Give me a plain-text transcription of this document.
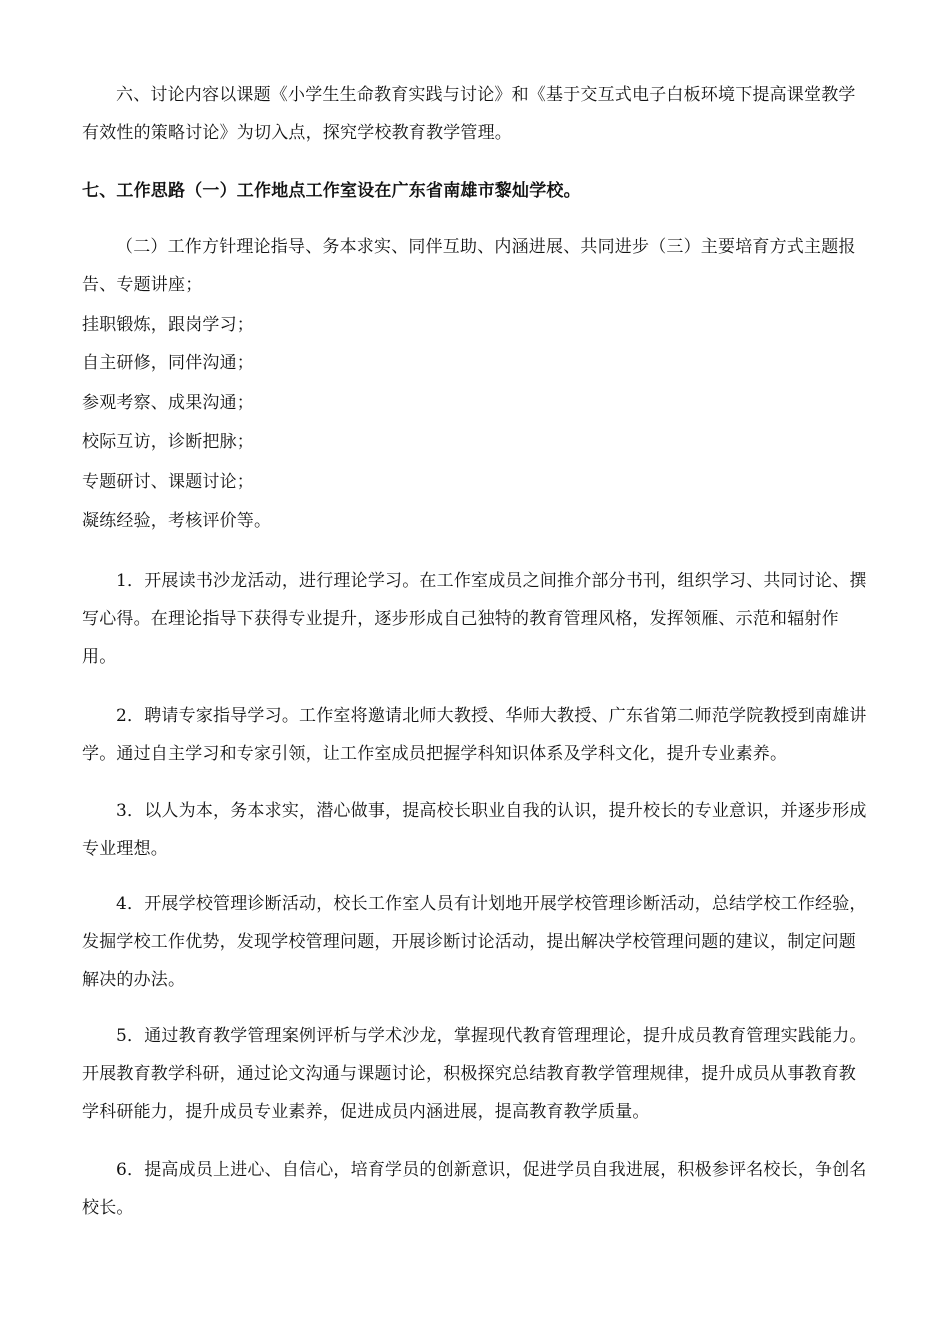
六、讨论内容以课题《小学生生命教育实践与讨论》和《基于交互式电子白板环境下提高课堂教学有效性的策略讨论》为切入点，探究学校教育教学管理。

七、工作思路（一）工作地点工作室设在广东省南雄市黎灿学校。

（二）工作方针理论指导、务本求实、同伴互助、内涵进展、共同进步（三）主要培育方式主题报告、专题讲座；

挂职锻炼，跟岗学习；

自主研修，同伴沟通；

参观考察、成果沟通；

校际互访，诊断把脉；

专题研讨、课题讨论；

凝练经验，考核评价等。

1．开展读书沙龙活动，进行理论学习。在工作室成员之间推介部分书刊，组织学习、共同讨论、撰写心得。在理论指导下获得专业提升，逐步形成自己独特的教育管理风格，发挥领雁、示范和辐射作用。

2．聘请专家指导学习。工作室将邀请北师大教授、华师大教授、广东省第二师范学院教授到南雄讲学。通过自主学习和专家引领，让工作室成员把握学科知识体系及学科文化，提升专业素养。

3．以人为本，务本求实，潜心做事，提高校长职业自我的认识，提升校长的专业意识，并逐步形成专业理想。

4．开展学校管理诊断活动，校长工作室人员有计划地开展学校管理诊断活动，总结学校工作经验，发掘学校工作优势，发现学校管理问题，开展诊断讨论活动，提出解决学校管理问题的建议，制定问题解决的办法。

5．通过教育教学管理案例评析与学术沙龙，掌握现代教育管理理论，提升成员教育管理实践能力。开展教育教学科研，通过论文沟通与课题讨论，积极探究总结教育教学管理规律，提升成员从事教育教学科研能力，提升成员专业素养，促进成员内涵进展，提高教育教学质量。

6．提高成员上进心、自信心，培育学员的创新意识，促进学员自我进展，积极参评名校长，争创名校长。
